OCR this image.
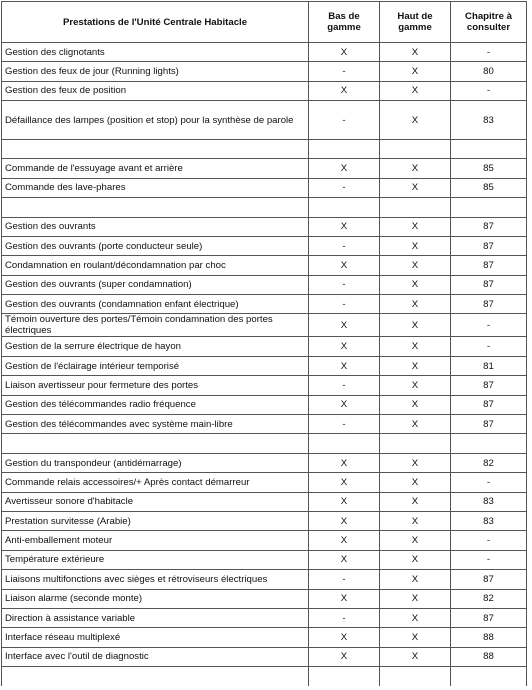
Prestations de l'Unité Centrale Habitacle	Bas de gamme	Haut de gamme	Chapitre à consulter
Gestion des clignotants	X	X	-
Gestion des feux de jour (Running lights)	-	X	80
Gestion des feux de position	X	X	-
Défaillance des lampes (position et stop) pour la synthèse de parole	-	X	83

Commande de l'essuyage avant et arrière	X	X	85
Commande des lave-phares	-	X	85

Gestion des ouvrants	X	X	87
Gestion des ouvrants (porte conducteur seule)	-	X	87
Condamnation en roulant/décondamnation par choc	X	X	87
Gestion des ouvrants (super condamnation)	-	X	87
Gestion des ouvrants (condamnation enfant électrique)	-	X	87
Témoin ouverture des portes/Témoin condamnation des portes électriques	X	X	-
Gestion de la serrure électrique de hayon	X	X	-
Gestion de l'éclairage intérieur temporisé	X	X	81
Liaison avertisseur pour fermeture des portes	-	X	87
Gestion des télécommandes radio fréquence	X	X	87
Gestion des télécommandes avec système main-libre	-	X	87

Gestion du transpondeur (antidémarrage)	X	X	82
Commande relais accessoires/+ Après contact démarreur	X	X	-
Avertisseur sonore d'habitacle	X	X	83
Prestation survitesse (Arabie)	X	X	83
Anti-emballement moteur	X	X	-
Température extérieure	X	X	-
Liaisons multifonctions avec sièges et rétroviseurs électriques	-	X	87
Liaison alarme (seconde monte)	X	X	82
Direction à assistance variable	-	X	87
Interface réseau multiplexé	X	X	88
Interface avec l'outil de diagnostic	X	X	88
